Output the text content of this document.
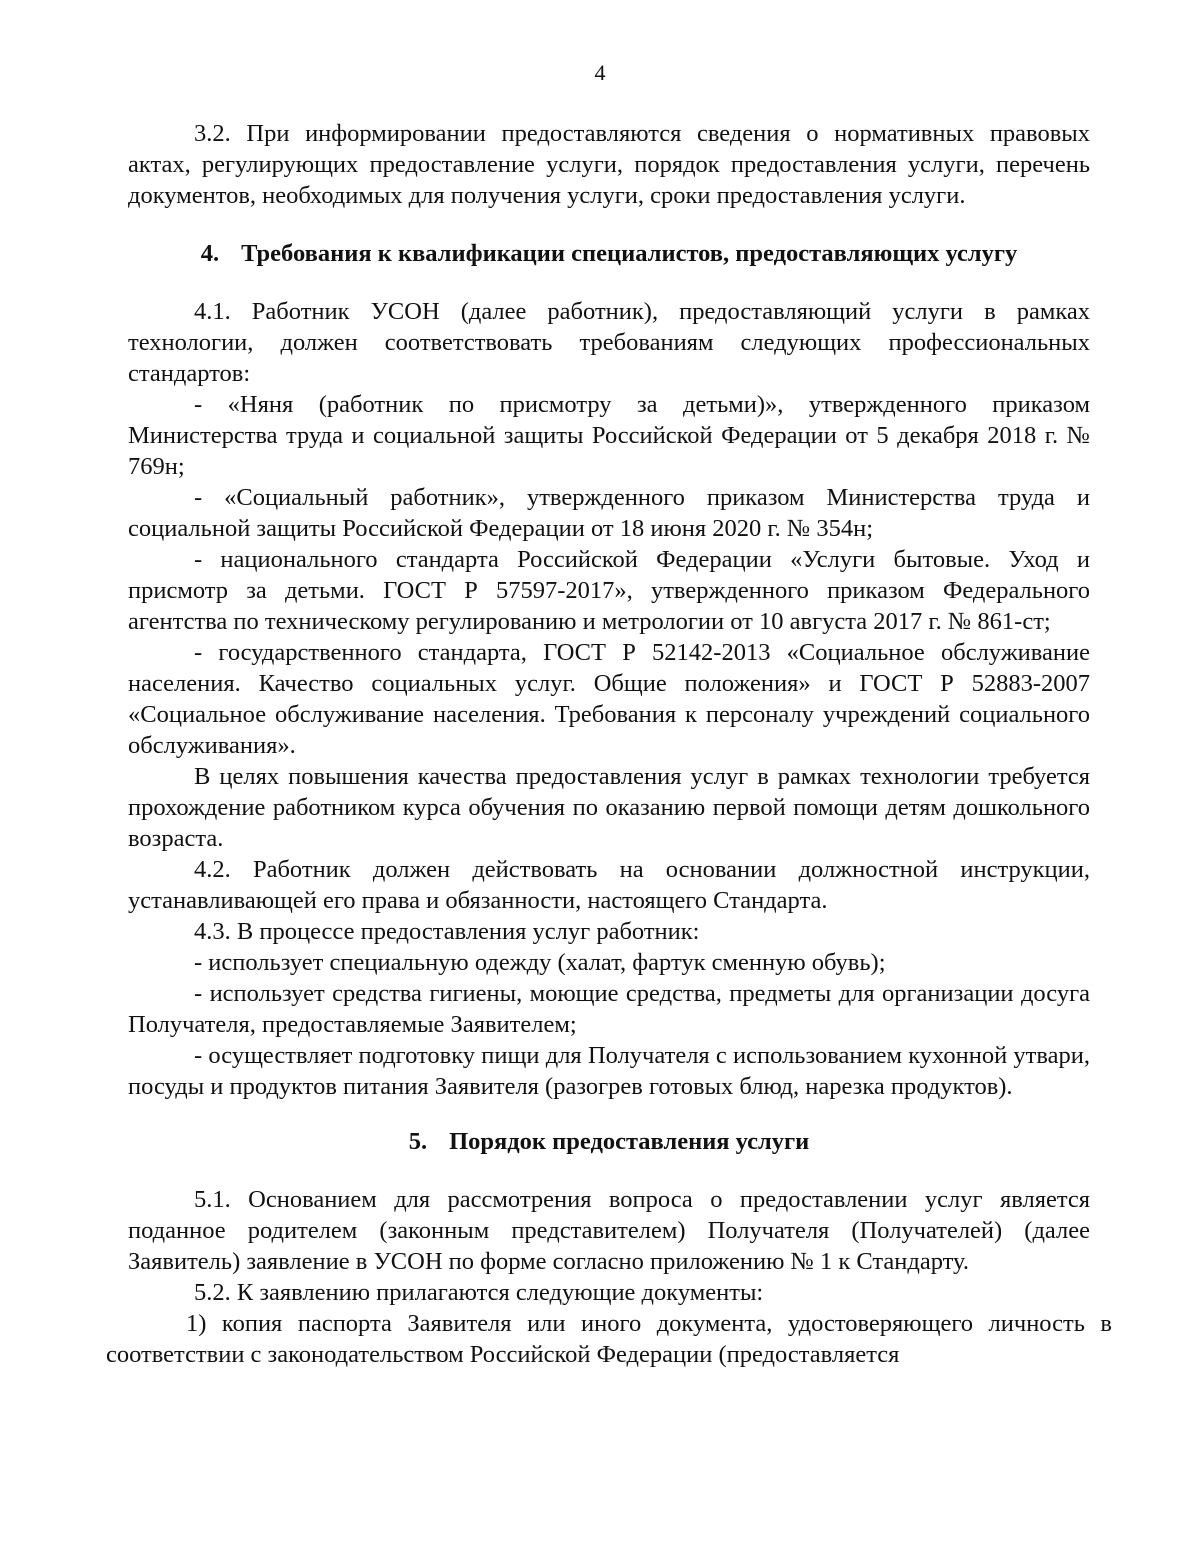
4

3.2. При информировании предоставляются сведения о нормативных правовых актах, регулирующих предоставление услуги, порядок предоставления услуги, перечень документов, необходимых для получения услуги, сроки предоставления услуги.

4. Требования к квалификации специалистов, предоставляющих услугу

4.1. Работник УСОН (далее работник), предоставляющий услуги в рамках технологии, должен соответствовать требованиям следующих профессиональных стандартов:

- «Няня (работник по присмотру за детьми)», утвержденного приказом Министерства труда и социальной защиты Российской Федерации от 5 декабря 2018 г. № 769н;

- «Социальный работник», утвержденного приказом Министерства труда и социальной защиты Российской Федерации от 18 июня 2020 г. № 354н;

- национального стандарта Российской Федерации «Услуги бытовые. Уход и присмотр за детьми. ГОСТ Р 57597-2017», утвержденного приказом Федерального агентства по техническому регулированию и метрологии от 10 августа 2017 г. № 861-ст;

- государственного стандарта, ГОСТ Р 52142-2013 «Социальное обслуживание населения. Качество социальных услуг. Общие положения» и ГОСТ Р 52883-2007 «Социальное обслуживание населения. Требования к персоналу учреждений социального обслуживания».

В целях повышения качества предоставления услуг в рамках технологии требуется прохождение работником курса обучения по оказанию первой помощи детям дошкольного возраста.

4.2. Работник должен действовать на основании должностной инструкции, устанавливающей его права и обязанности, настоящего Стандарта.

4.3. В процессе предоставления услуг работник:

- использует специальную одежду (халат, фартук сменную обувь);

- использует средства гигиены, моющие средства, предметы для организации досуга Получателя, предоставляемые Заявителем;

- осуществляет подготовку пищи для Получателя с использованием кухонной утвари, посуды и продуктов питания Заявителя (разогрев готовых блюд, нарезка продуктов).

5. Порядок предоставления услуги

5.1. Основанием для рассмотрения вопроса о предоставлении услуг является поданное родителем (законным представителем) Получателя (Получателей) (далее Заявитель) заявление в УСОН по форме согласно приложению № 1 к Стандарту.

5.2. К заявлению прилагаются следующие документы:

1) копия паспорта Заявителя или иного документа, удостоверяющего личность в соответствии с законодательством Российской Федерации (предоставляется
